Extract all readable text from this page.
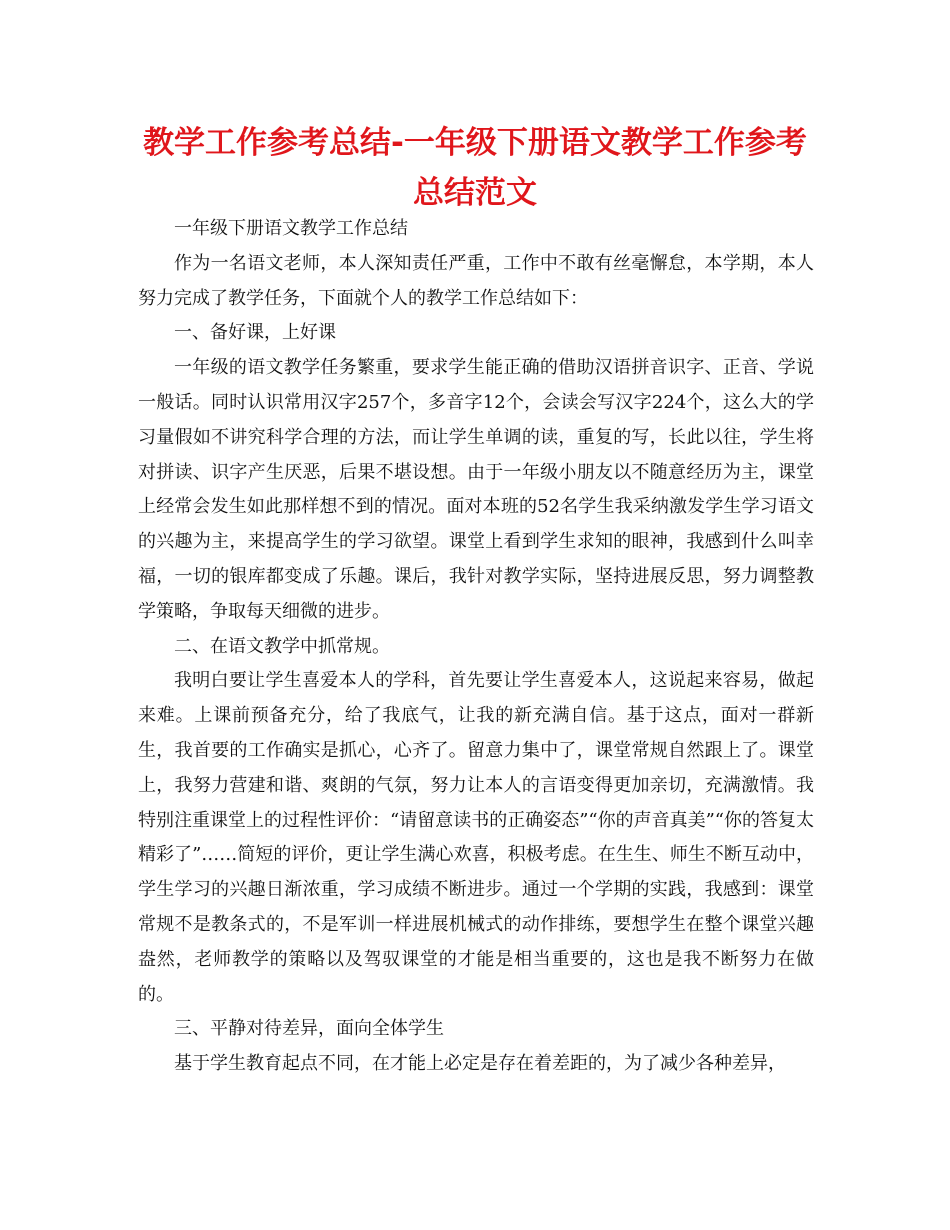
教学工作参考总结-一年级下册语文教学工作参考
总结范文

一年级下册语文教学工作总结

作为一名语文老师，本人深知责任严重，工作中不敢有丝毫懈怠，本学期，本人努力完成了教学任务，下面就个人的教学工作总结如下：

一、备好课，上好课

一年级的语文教学任务繁重，要求学生能正确的借助汉语拼音识字、正音、学说一般话。同时认识常用汉字257个，多音字12个，会读会写汉字224个，这么大的学习量假如不讲究科学合理的方法，而让学生单调的读，重复的写，长此以往，学生将对拼读、识字产生厌恶，后果不堪设想。由于一年级小朋友以不随意经历为主，课堂上经常会发生如此那样想不到的情况。面对本班的52名学生我采纳激发学生学习语文的兴趣为主，来提高学生的学习欲望。课堂上看到学生求知的眼神，我感到什么叫幸福，一切的银库都变成了乐趣。课后，我针对教学实际，坚持进展反思，努力调整教学策略，争取每天细微的进步。

二、在语文教学中抓常规。

我明白要让学生喜爱本人的学科，首先要让学生喜爱本人，这说起来容易，做起来难。上课前预备充分，给了我底气，让我的新充满自信。基于这点，面对一群新生，我首要的工作确实是抓心，心齐了。留意力集中了，课堂常规自然跟上了。课堂上，我努力营建和谐、爽朗的气氛，努力让本人的言语变得更加亲切，充满激情。我特别注重课堂上的过程性评价：“请留意读书的正确姿态”“你的声音真美”“你的答复太精彩了”……简短的评价，更让学生满心欢喜，积极考虑。在生生、师生不断互动中，学生学习的兴趣日渐浓重，学习成绩不断进步。通过一个学期的实践，我感到：课堂常规不是教条式的，不是军训一样进展机械式的动作排练，要想学生在整个课堂兴趣盎然，老师教学的策略以及驾驭课堂的才能是相当重要的，这也是我不断努力在做的。

三、平静对待差异，面向全体学生

基于学生教育起点不同，在才能上必定是存在着差距的，为了减少各种差异，
